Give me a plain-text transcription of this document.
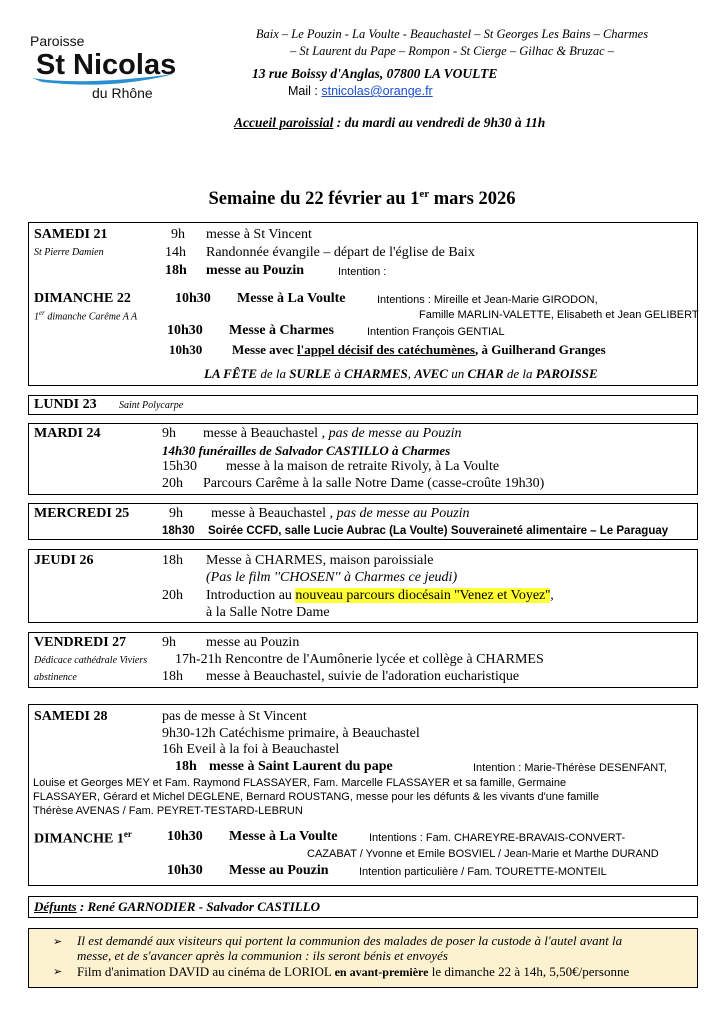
Paroisse
St Nicolas
du Rhône
Baix – Le Pouzin - La Voulte - Beauchastel – St Georges Les Bains – Charmes
– St Laurent du Pape – Rompon - St Cierge – Gilhac & Bruzac –
13 rue Boissy d'Anglas, 07800 LA VOULTE
Mail : stnicolas@orange.fr
Accueil paroissial : du mardi au vendredi de 9h30 à 11h
Semaine du 22 février au 1er mars 2026
SAMEDI 21
St Pierre Damien
9h messe à St Vincent
14h Randonnée évangile – départ de l'église de Baix
18h messe au Pouzin	Intention :
DIMANCHE 22
1er dimanche Carême A A
10h30 Messe à La Voulte	Intentions : Mireille et Jean-Marie GIRODON,
Famille MARLIN-VALETTE, Elisabeth et Jean GELIBERT
10h30 Messe à Charmes	Intention François GENTIAL
10h30 Messe avec l'appel décisif des catéchumènes, à Guilherand Granges
LA FÊTE de la SURLE à CHARMES, AVEC un CHAR de la PAROISSE
LUNDI 23 Saint Polycarpe
MARDI 24	9h messe à Beauchastel , pas de messe au Pouzin
14h30 funérailles de Salvador CASTILLO à Charmes
15h30 messe à la maison de retraite Rivoly, à La Voulte
20h Parcours Carême à la salle Notre Dame (casse-croûte 19h30)
MERCREDI 25	9h messe à Beauchastel , pas de messe au Pouzin
18h30 Soirée CCFD, salle Lucie Aubrac (La Voulte) Souveraineté alimentaire – Le Paraguay
JEUDI 26	18h Messe à CHARMES, maison paroissiale
(Pas le film ''CHOSEN'' à Charmes ce jeudi)
20h Introduction au nouveau parcours diocésain ''Venez et Voyez'',
à la Salle Notre Dame
VENDREDI 27
Dédicace cathédrale Viviers
abstinence
9h messe au Pouzin
17h-21h Rencontre de l'Aumônerie lycée et collège à CHARMES
18h messe à Beauchastel, suivie de l'adoration eucharistique
SAMEDI 28	pas de messe à St Vincent
9h30-12h Catéchisme primaire, à Beauchastel
16h Eveil à la foi à Beauchastel
18h messe à Saint Laurent du pape	Intention : Marie-Thérèse DESENFANT,
Louise et Georges MEY et Fam. Raymond FLASSAYER, Fam. Marcelle FLASSAYER et sa famille, Germaine
FLASSAYER, Gérard et Michel DEGLENE, Bernard ROUSTANG, messe pour les défunts & les vivants d'une famille
Thérèse AVENAS / Fam. PEYRET-TESTARD-LEBRUN
DIMANCHE 1er	10h30 Messe à La Voulte	Intentions : Fam. CHAREYRE-BRAVAIS-CONVERT-
CAZABAT / Yvonne et Emile BOSVIEL / Jean-Marie et Marthe DURAND
10h30 Messe au Pouzin	Intention particulière / Fam. TOURETTE-MONTEIL
Défunts : René GARNODIER - Salvador CASTILLO
➢ Il est demandé aux visiteurs qui portent la communion des malades de poser la custode à l'autel avant la
messe, et de s'avancer après la communion : ils seront bénis et envoyés
➢ Film d'animation DAVID au cinéma de LORIOL en avant-première le dimanche 22 à 14h, 5,50€/personne
